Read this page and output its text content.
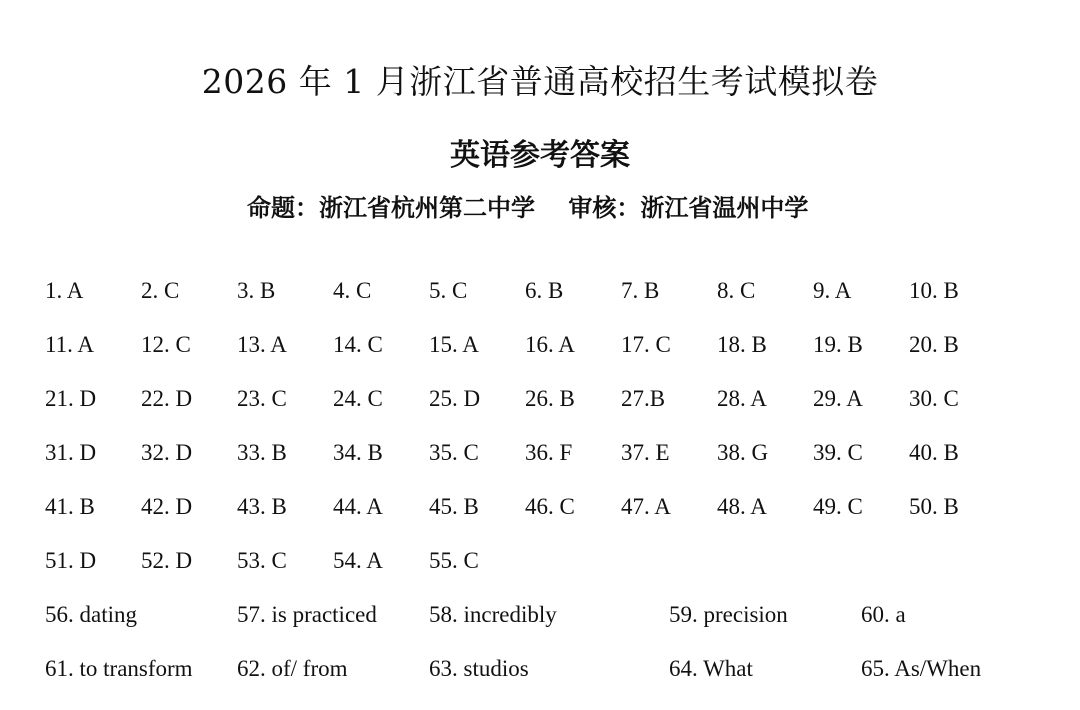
2026 年 1 月浙江省普通高校招生考试模拟卷
英语参考答案
命题：浙江省杭州第二中学    审核：浙江省温州中学
1. A	2. C	3. B	4. C	5. C	6. B	7. B	8. C	9. A	10. B
11. A 12. C 13. A 14. C 15. A 16. A 17. C 18. B 19. B 20. B
21. D 22. D 23. C 24. C 25. D 26. B 27.B 28. A 29. A 30. C
31. D 32. D 33. B 34. B 35. C 36. F 37. E 38. G 39. C 40. B
41. B 42. D 43. B 44. A 45. B 46. C 47. A 48. A 49. C 50. B
51. D 52. D 53. C 54. A 55. C
56. dating	57. is practiced 58. incredibly	59. precision	60. a
61. to transform 62. of/ from	63. studios	64. What	65. As/When
